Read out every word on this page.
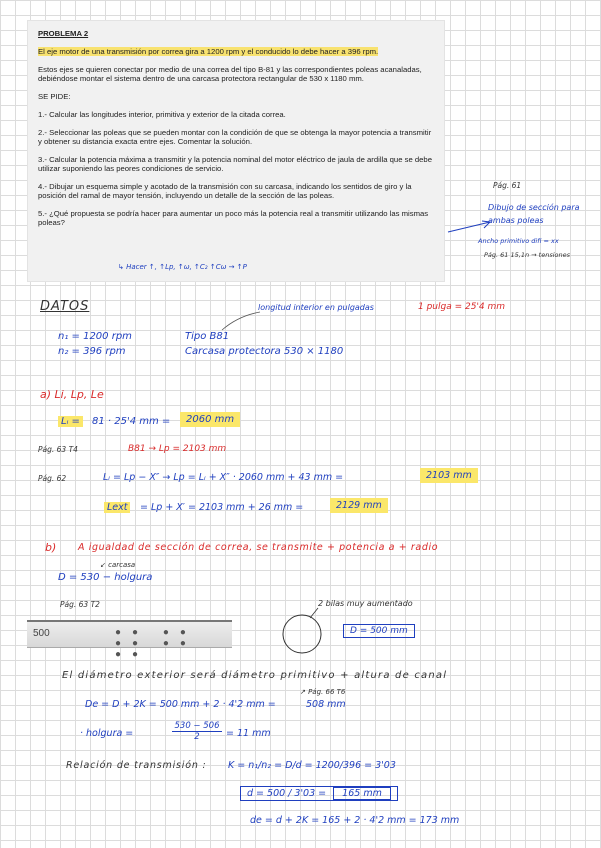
PROBLEMA 2

El eje motor de una transmisión por correa gira a 1200 rpm y el conducido lo debe hacer a 396 rpm.

Estos ejes se quieren conectar por medio de una correa del tipo B-81 y las correspondientes poleas acanaladas, debiéndose montar el sistema dentro de una carcasa protectora rectangular de 530 x 1180 mm.

SE PIDE:

1.- Calcular las longitudes interior, primitiva y exterior de la citada correa.

2.- Seleccionar las poleas que se pueden montar con la condición de que se obtenga la mayor potencia a transmitir y obtener su distancia exacta entre ejes. Comentar la solución.

3.- Calcular la potencia máxima a transmitir y la potencia nominal del motor eléctrico de jaula de ardilla que se debe utilizar suponiendo las peores condiciones de servicio.

4.- Dibujar un esquema simple y acotado de la transmisión con su carcasa, indicando los sentidos de giro y la posición del ramal de mayor tensión, incluyendo un detalle de la sección de las poleas.

5.- ¿Qué propuesta se podría hacer para aumentar un poco más la potencia real a transmitir utilizando las mismas poleas?

↳ Hacer ↑, ↑Lp, ↑ω, ↑C₂ ↑Cω → ↑P
Pág. 61
Dibujo de sección para
ambas poleas
Ancho primitivo difi = xx
Pág. 61 15,1n → tensiones
DATOS	longitud interior en pulgadas	1 pulga = 25'4 mm
n₁ = 1200 rpm
n₂ = 396 rpm
Tipo B81
Carcasa protectora 530 × 1180
a) Li, Lp, Le
Lᵢ =	81 · 25'4 mm =	2060 mm
Pág. 63 T4	B81 → Lp = 2103 mm
Pág. 62	Lᵢ = Lp − X″ → Lp = Lᵢ + X″ · 2060 mm + 43 mm =	2103 mm
Lext	= Lp + X′ = 2103 mm + 26 mm =	2129 mm
b) A igualdad de sección de correa, se transmite + potencia a + radio
↙ carcasa
D = 530 − holgura
Pág. 63 T2	2 bilas muy aumentado
D = 500 mm
500	●● ●● ●● ●● ●●
El diámetro exterior será diámetro primitivo + altura de canal
↗ Pág. 66 T6
De = D + 2K = 500 mm + 2 · 4'2 mm =	508 mm
· holgura =	$\frac{530 - 506}{2} = 11$ mm
Relación de transmisión : K = n₁/n₂ = D/d = 1200/396 = 3'03
d = 500 / 3'03 = 165 mm
de = d + 2K = 165 + 2 · 4'2 mm = 173 mm
